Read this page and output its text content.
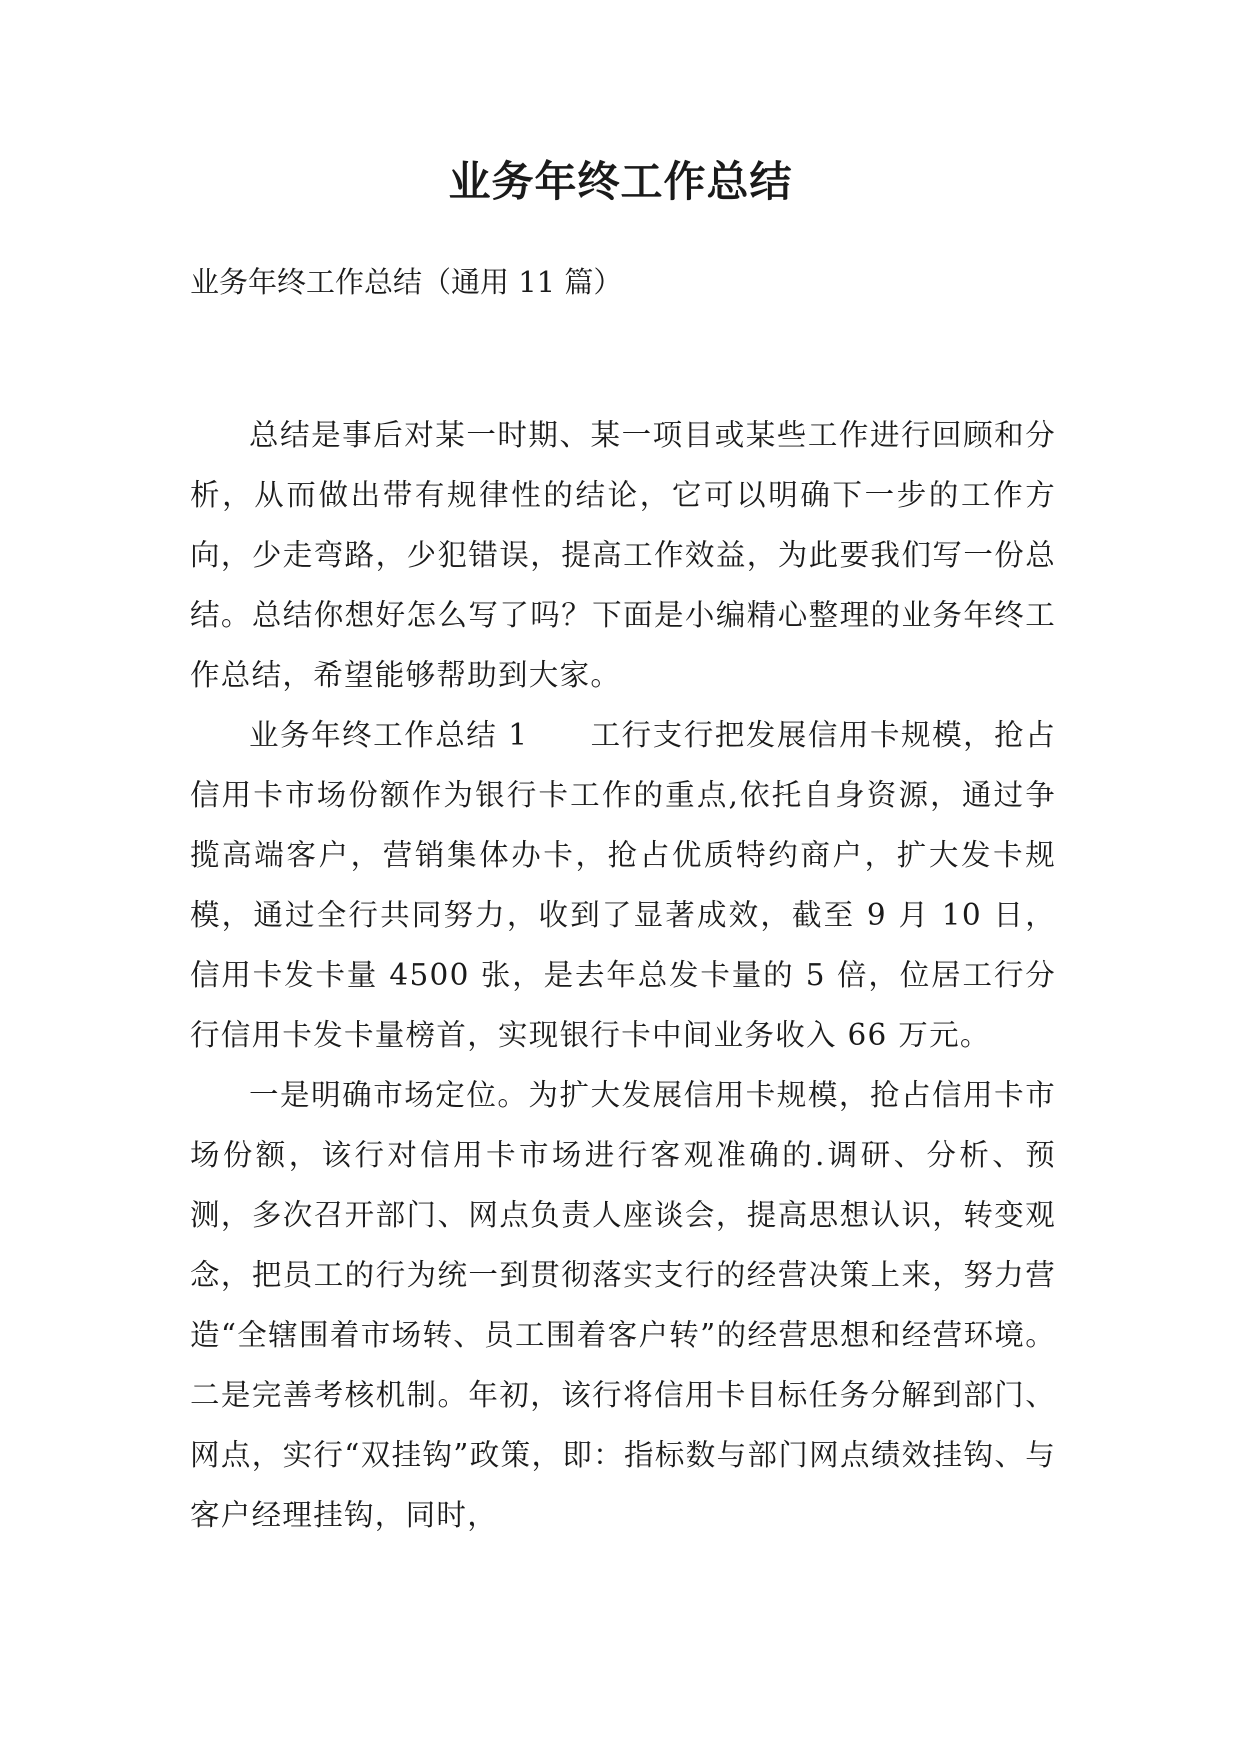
业务年终工作总结

业务年终工作总结（通用 11 篇）

总结是事后对某一时期、某一项目或某些工作进行回顾和分析，从而做出带有规律性的结论，它可以明确下一步的工作方向，少走弯路，少犯错误，提高工作效益，为此要我们写一份总结。总结你想好怎么写了吗？下面是小编精心整理的业务年终工作总结，希望能够帮助到大家。

业务年终工作总结 1　　工行支行把发展信用卡规模，抢占信用卡市场份额作为银行卡工作的重点,依托自身资源，通过争揽高端客户，营销集体办卡，抢占优质特约商户，扩大发卡规模，通过全行共同努力，收到了显著成效，截至 9 月 10 日，信用卡发卡量 4500 张，是去年总发卡量的 5 倍，位居工行分行信用卡发卡量榜首，实现银行卡中间业务收入 66 万元。

一是明确市场定位。为扩大发展信用卡规模，抢占信用卡市场份额，该行对信用卡市场进行客观准确的.调研、分析、预测，多次召开部门、网点负责人座谈会，提高思想认识，转变观念，把员工的行为统一到贯彻落实支行的经营决策上来，努力营造“全辖围着市场转、员工围着客户转”的经营思想和经营环境。 二是完善考核机制。年初，该行将信用卡目标任务分解到部门、网点，实行“双挂钩”政策，即：指标数与部门网点绩效挂钩、与客户经理挂钩，同时，
